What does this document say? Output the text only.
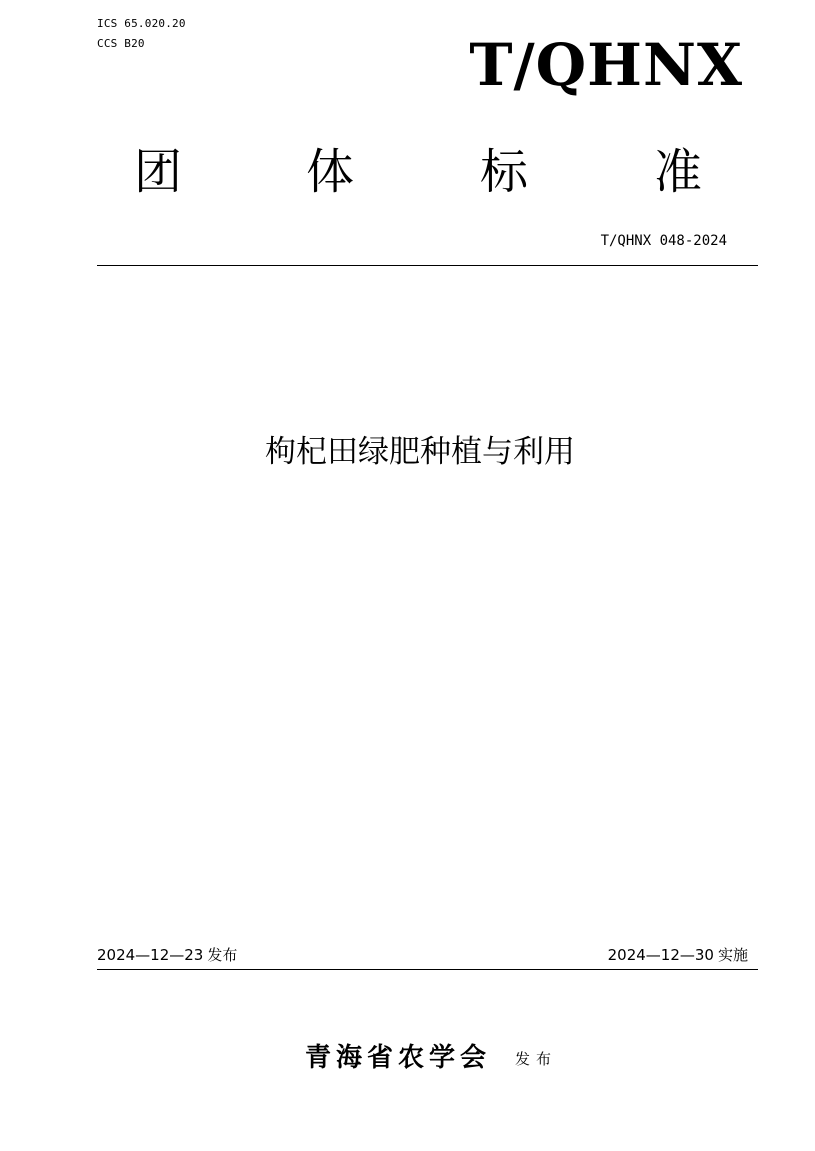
ICS 65.020.20
CCS B20	T/QHNX
团	体	标	准
T/QHNX 048-2024
枸杞田绿肥种植与利用
2024—12—23 发布	2024—12—30 实施
青海省农学会 发布
